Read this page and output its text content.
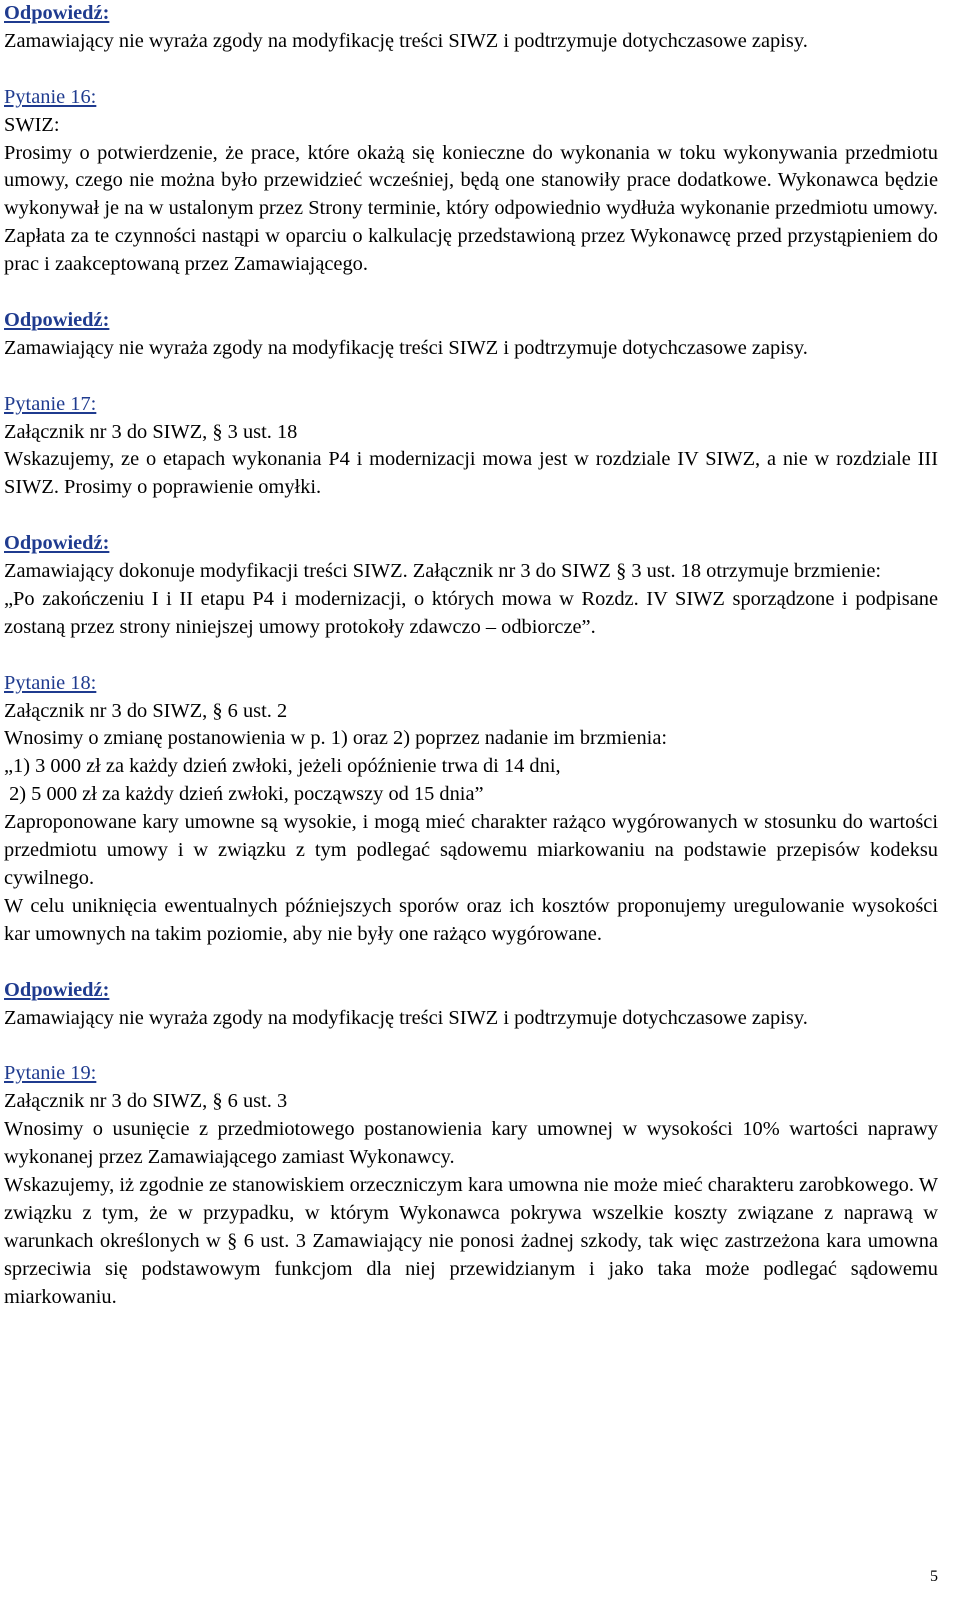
Odpowiedź:

Zamawiający nie wyraża zgody na modyfikację treści SIWZ i podtrzymuje dotychczasowe zapisy.

Pytanie 16:

SWIZ:

Prosimy o potwierdzenie, że prace, które okażą się konieczne do wykonania w toku wykonywania przedmiotu umowy, czego nie można było przewidzieć wcześniej, będą one stanowiły prace dodatkowe. Wykonawca będzie wykonywał je na w ustalonym przez Strony terminie, który odpowiednio wydłuża wykonanie przedmiotu umowy. Zapłata za te czynności nastąpi w oparciu o kalkulację przedstawioną przez Wykonawcę przed przystąpieniem do prac i zaakceptowaną przez Zamawiającego.

Odpowiedź:

Zamawiający nie wyraża zgody na modyfikację treści SIWZ i podtrzymuje dotychczasowe zapisy.

Pytanie 17:

Załącznik nr 3 do SIWZ, § 3 ust. 18

Wskazujemy, ze o etapach wykonania P4 i modernizacji mowa jest w rozdziale IV SIWZ, a nie w rozdziale III SIWZ. Prosimy o poprawienie omyłki.

Odpowiedź:

Zamawiający dokonuje modyfikacji treści SIWZ. Załącznik nr 3 do SIWZ § 3 ust. 18 otrzymuje brzmienie:

„Po zakończeniu I i II etapu P4 i modernizacji, o których mowa w Rozdz. IV SIWZ sporządzone i podpisane zostaną przez strony niniejszej umowy protokoły zdawczo – odbiorcze”.

Pytanie 18:

Załącznik nr 3 do SIWZ, § 6 ust. 2

Wnosimy o zmianę postanowienia w p. 1) oraz 2) poprzez nadanie im brzmienia:

„1) 3 000 zł za każdy dzień zwłoki, jeżeli opóźnienie trwa di 14 dni,

2) 5 000 zł za każdy dzień zwłoki, począwszy od 15 dnia”

Zaproponowane kary umowne są wysokie, i mogą mieć charakter rażąco wygórowanych w stosunku do wartości przedmiotu umowy i w związku z tym podlegać sądowemu miarkowaniu na podstawie przepisów kodeksu cywilnego.

W celu uniknięcia ewentualnych późniejszych sporów oraz ich kosztów proponujemy uregulowanie wysokości kar umownych na takim poziomie, aby nie były one rażąco wygórowane.

Odpowiedź:

Zamawiający nie wyraża zgody na modyfikację treści SIWZ i podtrzymuje dotychczasowe zapisy.

Pytanie 19:

Załącznik nr 3 do SIWZ, § 6 ust. 3

Wnosimy o usunięcie z przedmiotowego postanowienia kary umownej w wysokości 10% wartości naprawy wykonanej przez Zamawiającego zamiast Wykonawcy.

Wskazujemy, iż zgodnie ze stanowiskiem orzeczniczym kara umowna nie może mieć charakteru zarobkowego. W związku z tym, że w przypadku, w którym Wykonawca pokrywa wszelkie koszty związane z naprawą w warunkach określonych w § 6 ust. 3 Zamawiający nie ponosi żadnej szkody, tak więc zastrzeżona kara umowna sprzeciwia się podstawowym funkcjom dla niej przewidzianym i jako taka może podlegać sądowemu miarkowaniu.

5
